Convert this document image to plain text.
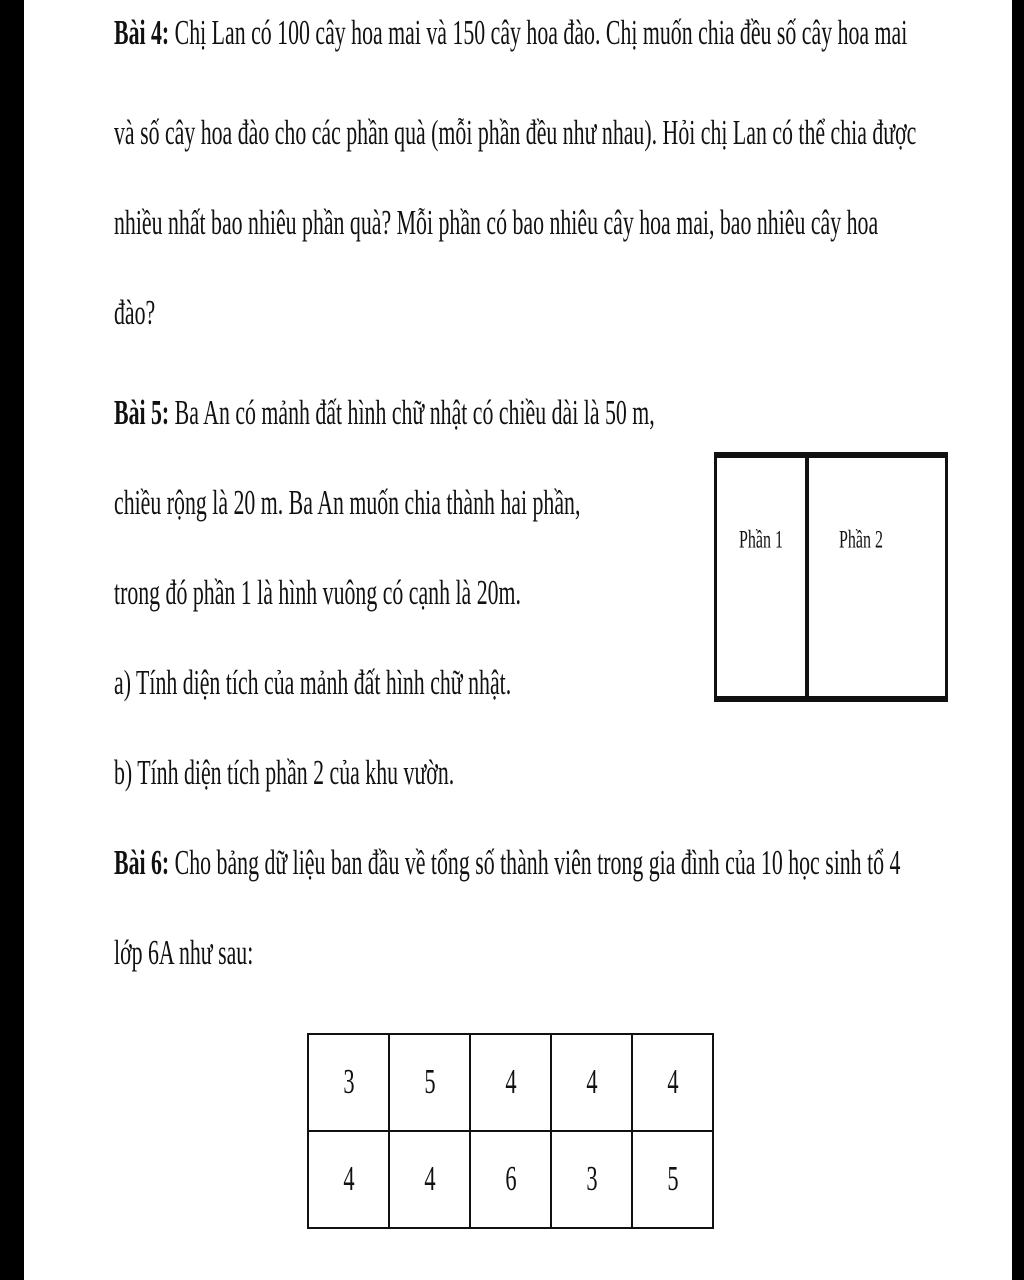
Bài 4: Chị Lan có 100 cây hoa mai và 150 cây hoa đào. Chị muốn chia đều số cây hoa mai
và số cây hoa đào cho các phần quà (mỗi phần đều như nhau). Hỏi chị Lan có thể chia được
nhiều nhất bao nhiêu phần quà? Mỗi phần có bao nhiêu cây hoa mai, bao nhiêu cây hoa
đào?
Bài 5: Ba An có mảnh đất hình chữ nhật có chiều dài là 50 m,
chiều rộng là 20 m. Ba An muốn chia thành hai phần,
trong đó phần 1 là hình vuông có cạnh là 20m.
a) Tính diện tích của mảnh đất hình chữ nhật.
b) Tính diện tích phần 2 của khu vườn.
Phần 1	Phần 2
Bài 6: Cho bảng dữ liệu ban đầu về tổng số thành viên trong gia đình của 10 học sinh tổ 4
lớp 6A như sau:
3	5	4	4	4
4	4	6	3	5
